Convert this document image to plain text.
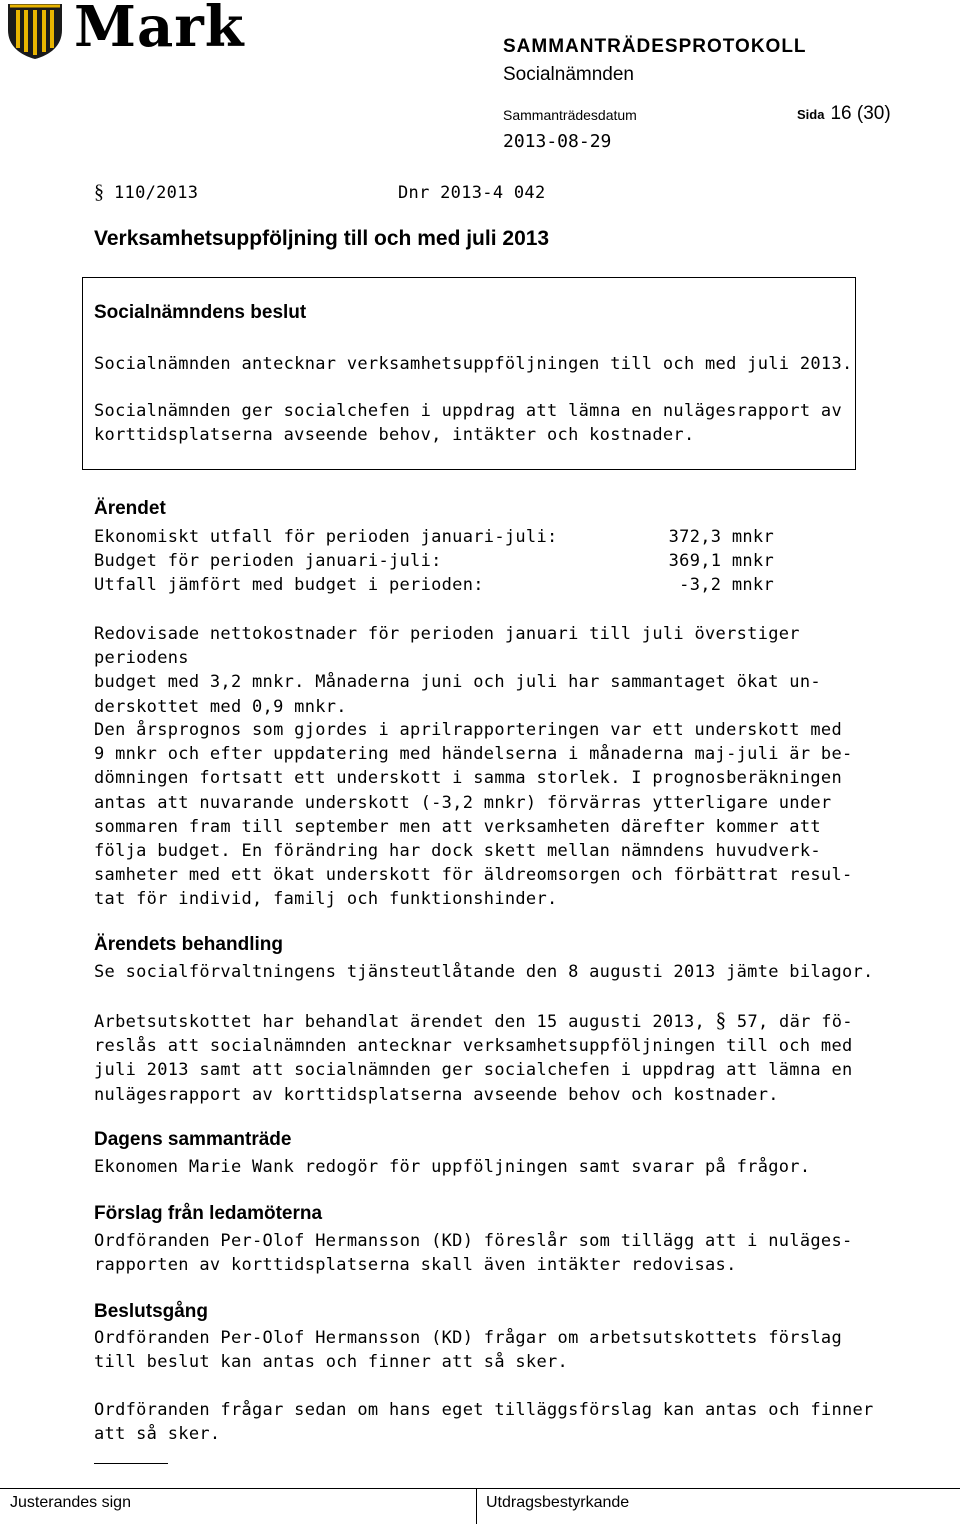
Mark	SAMMANTRÄDESPROTOKOLL
Socialnämnden
Sammanträdesdatum	Sida 16 (30)
2013-08-29
§ 110/2013	Dnr 2013-4 042
Verksamhetsuppföljning till och med juli 2013
Socialnämndens beslut
Socialnämnden antecknar verksamhetsuppföljningen till och med juli 2013.
Socialnämnden ger socialchefen i uppdrag att lämna en nulägesrapport av
korttidsplatserna avseende behov, intäkter och kostnader.
Ärendet
Ekonomiskt utfall för perioden januari-juli:	372,3 mnkr
Budget för perioden januari-juli:	369,1 mnkr
Utfall jämfört med budget i perioden:	-3,2 mnkr
Redovisade nettokostnader för perioden januari till juli överstiger periodens
budget med 3,2 mnkr. Månaderna juni och juli har sammantaget ökat un-
derskottet med 0,9 mnkr.
Den årsprognos som gjordes i aprilrapporteringen var ett underskott med
9 mnkr och efter uppdatering med händelserna i månaderna maj-juli är be-
dömningen fortsatt ett underskott i samma storlek. I prognosberäkningen
antas att nuvarande underskott (-3,2 mnkr) förvärras ytterligare under
sommaren fram till september men att verksamheten därefter kommer att
följa budget. En förändring har dock skett mellan nämndens huvudverk-
samheter med ett ökat underskott för äldreomsorgen och förbättrat resul-
tat för individ, familj och funktionshinder.
Ärendets behandling
Se socialförvaltningens tjänsteutlåtande den 8 augusti 2013 jämte bilagor.
Arbetsutskottet har behandlat ärendet den 15 augusti 2013, § 57, där fö-
reslås att socialnämnden antecknar verksamhetsuppföljningen till och med
juli 2013 samt att socialnämnden ger socialchefen i uppdrag att lämna en
nulägesrapport av korttidsplatserna avseende behov och kostnader.
Dagens sammanträde
Ekonomen Marie Wank redogör för uppföljningen samt svarar på frågor.
Förslag från ledamöterna
Ordföranden Per-Olof Hermansson (KD) föreslår som tillägg att i nuläges-
rapporten av korttidsplatserna skall även intäkter redovisas.
Beslutsgång
Ordföranden Per-Olof Hermansson (KD) frågar om arbetsutskottets förslag
till beslut kan antas och finner att så sker.
Ordföranden frågar sedan om hans eget tilläggsförslag kan antas och finner
att så sker.
Justerandes sign	Utdragsbestyrkande
